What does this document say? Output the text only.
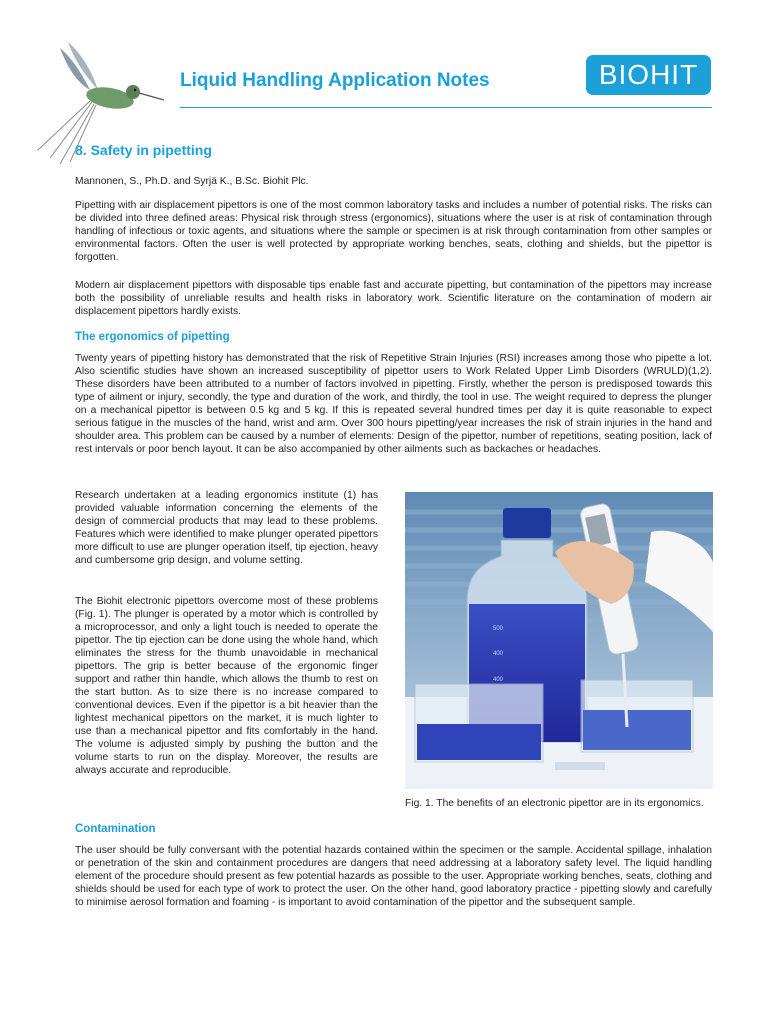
Liquid Handling Application Notes	BIOHIT
8. Safety in pipetting
Mannonen, S., Ph.D. and Syrjä K., B.Sc. Biohit Plc.
Pipetting with air displacement pipettors is one of the most common laboratory tasks and includes a number of potential risks. The risks can be divided into three defined areas: Physical risk through stress (ergonomics), situations where the user is at risk of contamination through handling of infectious or toxic agents, and situations where the sample or specimen is at risk through contamination from other samples or environmental factors. Often the user is well protected by appropriate working benches, seats, clothing and shields, but the pipettor is forgotten.
Modern air displacement pipettors with disposable tips enable fast and accurate pipetting, but contamination of the pipettors may increase both the possibility of unreliable results and health risks in laboratory work. Scientific literature on the contamination of modern air displacement pipettors hardly exists.
The ergonomics of pipetting
Twenty years of pipetting history has demonstrated that the risk of Repetitive Strain Injuries (RSI) increases among those who pipette a lot. Also scientific studies have shown an increased susceptibility of pipettor users to Work Related Upper Limb Disorders (WRULD)(1,2). These disorders have been attributed to a number of factors involved in pipetting. Firstly, whether the person is predisposed towards this type of ailment or injury, secondly, the type and duration of the work, and thirdly, the tool in use. The weight required to depress the plunger on a mechanical pipettor is between 0.5 kg and 5 kg. If this is repeated several hundred times per day it is quite reasonable to expect serious fatigue in the muscles of the hand, wrist and arm. Over 300 hours pipetting/year increases the risk of strain injuries in the hand and shoulder area. This problem can be caused by a number of elements: Design of the pipettor, number of repetitions, seating position, lack of rest intervals or poor bench layout. It can be also accompanied by other ailments such as backaches or headaches.
Research undertaken at a leading ergonomics institute (1) has provided valuable information concerning the elements of the design of commercial products that may lead to these problems. Features which were identified to make plunger operated pipettors more difficult to use are plunger operation itself, tip ejection, heavy and cumbersome grip design, and volume setting.
The Biohit electronic pipettors overcome most of these problems (Fig. 1). The plunger is operated by a motor which is controlled by a microprocessor, and only a light touch is needed to operate the pipettor. The tip ejection can be done using the whole hand, which eliminates the stress for the thumb unavoidable in mechanical pipettors. The grip is better because of the ergonomic finger support and rather thin handle, which allows the thumb to rest on the start button. As to size there is no increase compared to conventional devices. Even if the pipettor is a bit heavier than the lightest mechanical pipettors on the market, it is much lighter to use than a mechanical pipettor and fits comfortably in the hand. The volume is adjusted simply by pushing the button and the volume starts to run on the display. Moreover, the results are always accurate and reproducible.
500
400
400
Fig. 1. The benefits of an electronic pipettor are in its ergonomics.
Contamination
The user should be fully conversant with the potential hazards contained within the specimen or the sample. Accidental spillage, inhalation or penetration of the skin and containment procedures are dangers that need addressing at a laboratory safety level. The liquid handling element of the procedure should present as few potential hazards as possible to the user. Appropriate working benches, seats, clothing and shields should be used for each type of work to protect the user. On the other hand, good laboratory practice - pipetting slowly and carefully to minimise aerosol formation and foaming - is important to avoid contamination of the pipettor and the subsequent sample.
